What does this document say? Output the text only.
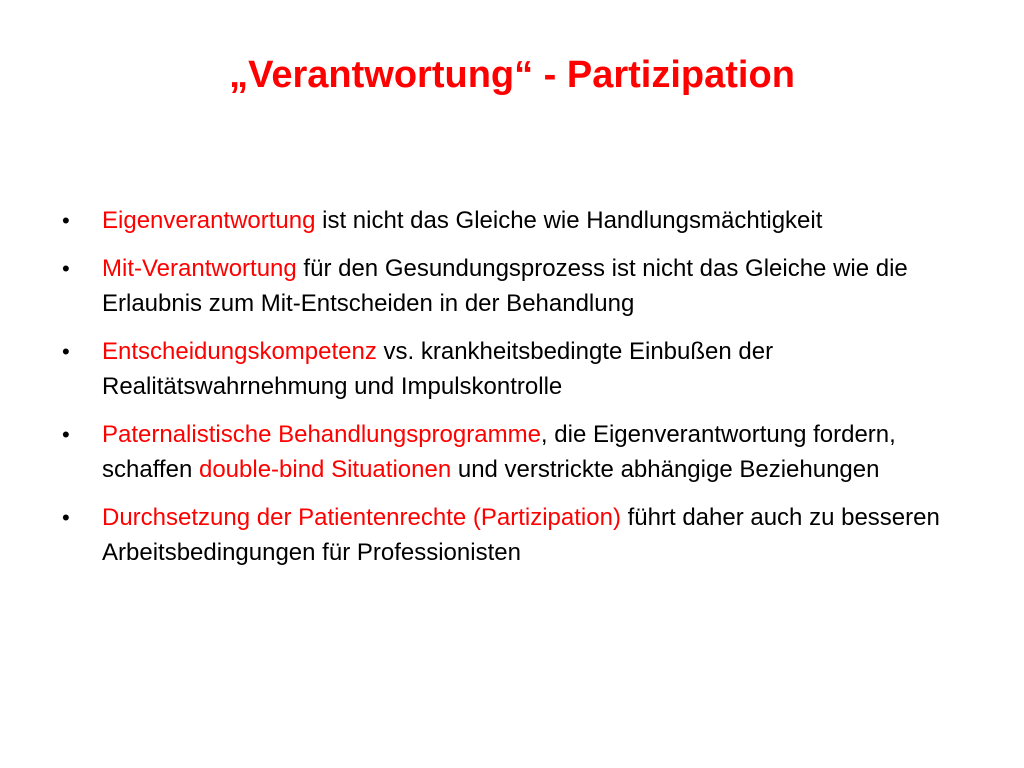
„Verantwortung“ - Partizipation
•	Eigenverantwortung ist nicht das Gleiche wie Handlungsmächtigkeit
•	Mit-Verantwortung für den Gesundungsprozess ist nicht das Gleiche wie die Erlaubnis zum Mit-Entscheiden in der Behandlung
•	Entscheidungskompetenz vs. krankheitsbedingte Einbußen der Realitätswahrnehmung und Impulskontrolle
•	Paternalistische Behandlungsprogramme, die Eigenverantwortung fordern, schaffen double-bind Situationen und verstrickte abhängige Beziehungen
•	Durchsetzung der Patientenrechte (Partizipation) führt daher auch zu besseren Arbeitsbedingungen für Professionisten
